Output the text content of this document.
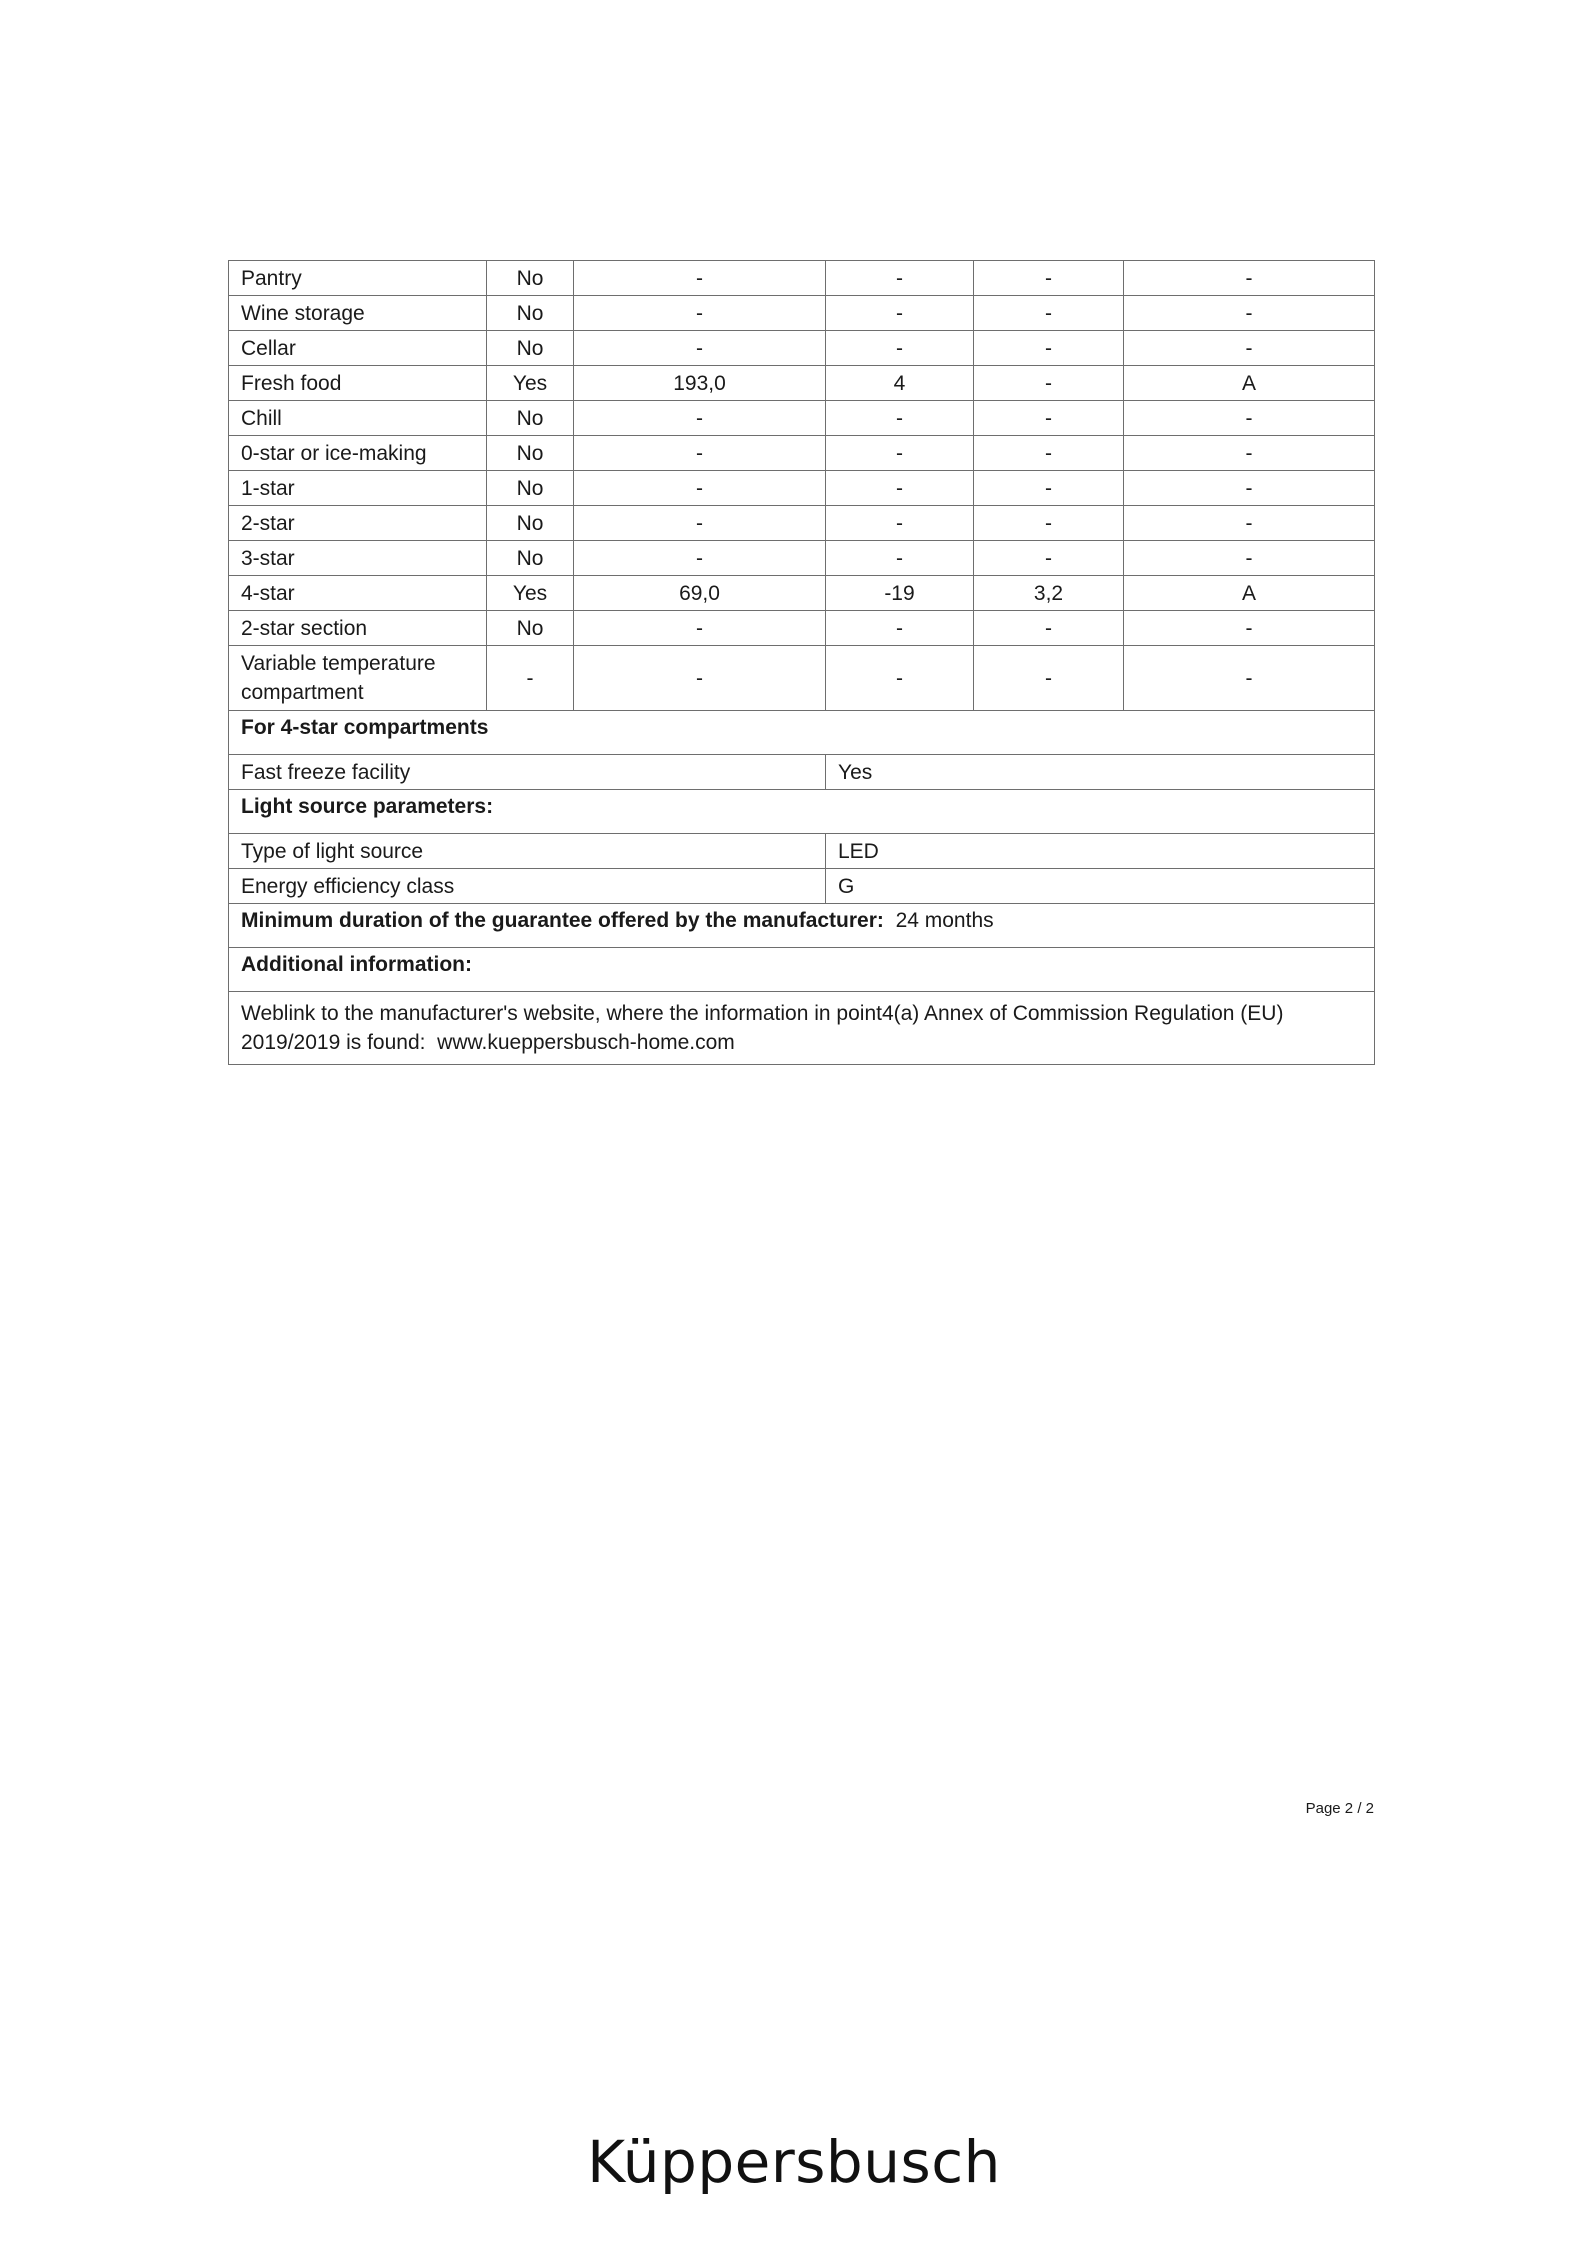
Pantry	No	-	-	-	-
Wine storage	No	-	-	-	-
Cellar	No	-	-	-	-
Fresh food	Yes	193,0	4	-	A
Chill	No	-	-	-	-
0-star or ice-making	No	-	-	-	-
1-star	No	-	-	-	-
2-star	No	-	-	-	-
3-star	No	-	-	-	-
4-star	Yes	69,0	-19	3,2	A
2-star section	No	-	-	-	-
Variable temperature compartment	-	-	-	-	-
For 4-star compartments					
Fast freeze facility			Yes		
Light source parameters:					
Type of light source			LED		
Energy efficiency class			G		
Minimum duration of the guarantee offered by the manufacturer: 24 months					
Additional information:					
Weblink to the manufacturer's website, where the information in point4(a) Annex of Commission Regulation (EU) 2019/2019 is found: www.kueppersbusch-home.com					
Page 2 / 2
Küppersbusch
